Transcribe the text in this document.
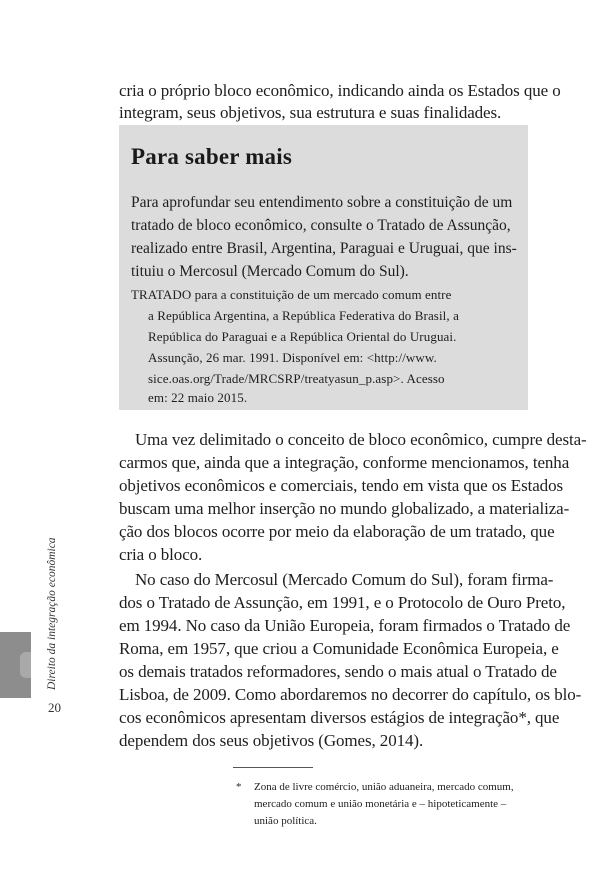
cria o próprio bloco econômico, indicando ainda os Estados que o

integram, seus objetivos, sua estrutura e suas finalidades.

Para saber mais

Para aprofundar seu entendimento sobre a constituição de um

tratado de bloco econômico, consulte o Tratado de Assunção,

realizado entre Brasil, Argentina, Paraguai e Uruguai, que ins-

tituiu o Mercosul (Mercado Comum do Sul).

TRATADO para a constituição de um mercado comum entre

a República Argentina, a República Federativa do Brasil, a

República do Paraguai e a República Oriental do Uruguai.

Assunção, 26 mar. 1991. Disponível em: <http://www.

sice.oas.org/Trade/MRCSRP/treatyasun_p.asp>. Acesso

em: 22 maio 2015.

Uma vez delimitado o conceito de bloco econômico, cumpre desta-

carmos que, ainda que a integração, conforme mencionamos, tenha

objetivos econômicos e comerciais, tendo em vista que os Estados

buscam uma melhor inserção no mundo globalizado, a materializa-

ção dos blocos ocorre por meio da elaboração de um tratado, que

cria o bloco.

No caso do Mercosul (Mercado Comum do Sul), foram firma-

dos o Tratado de Assunção, em 1991, e o Protocolo de Ouro Preto,

em 1994. No caso da União Europeia, foram firmados o Tratado de

Roma, em 1957, que criou a Comunidade Econômica Europeia, e

os demais tratados reformadores, sendo o mais atual o Tratado de

Lisboa, de 2009. Como abordaremos no decorrer do capítulo, os blo-

cos econômicos apresentam diversos estágios de integração*, que

dependem dos seus objetivos (Gomes, 2014).

* Zona de livre comércio, união aduaneira, mercado comum,

mercado comum e união monetária e – hipoteticamente –

união política.

Direito da integração econômica
20
